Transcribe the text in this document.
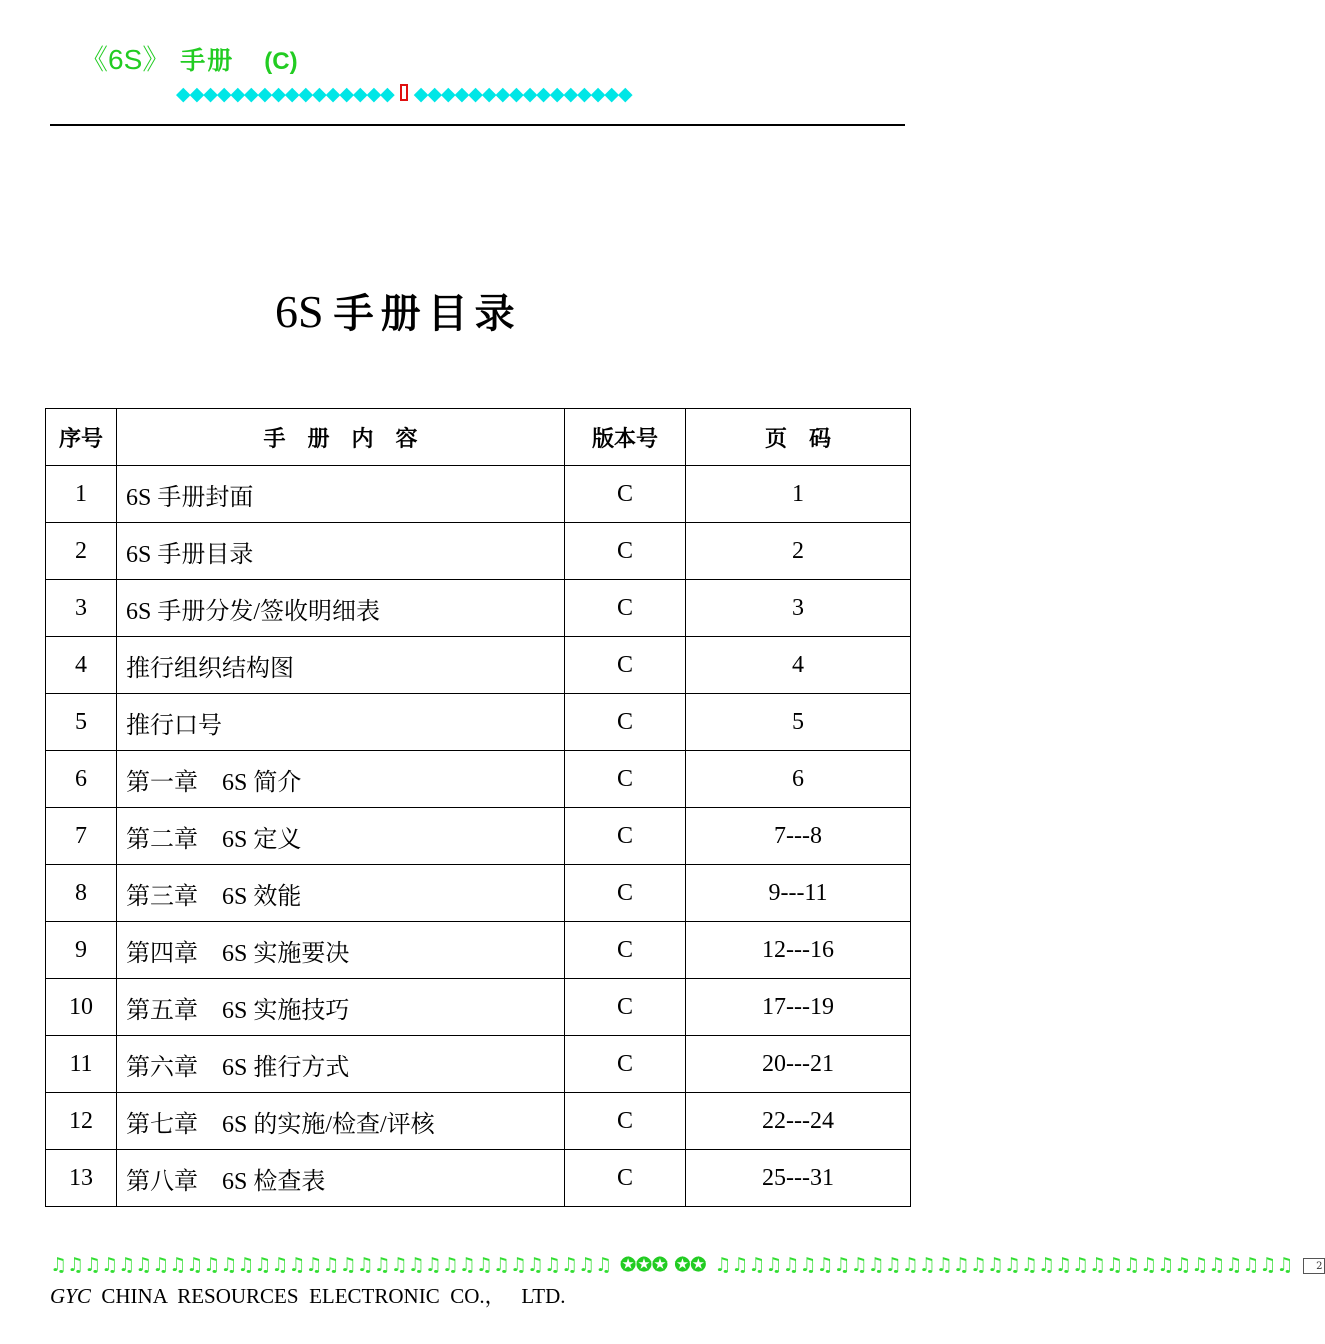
《6S》 手册 (C)
◆◆◆◆◆◆◆◆◆◆◆◆◆◆◆◆ ◆◆◆◆◆◆◆◆◆◆◆◆◆◆◆◆
6S 手册目录
序号	手　册　内　容	版本号	页　码
1	6S 手册封面	C	1
2	6S 手册目录	C	2
3	6S 手册分发/签收明细表	C	3
4	推行组织结构图	C	4
5	推行口号	C	5
6	第一章　6S 简介	C	6
7	第二章　6S 定义	C	7---8
8	第三章　6S 效能	C	9---11
9	第四章　6S 实施要决	C	12---16
10	第五章　6S 实施技巧	C	17---19
11	第六章　6S 推行方式	C	20---21
12	第七章　6S 的实施/检查/评核	C	22---24
13	第八章　6S 检查表	C	25---31
♫♫♫♫♫♫♫♫♫♫♫♫♫♫♫♫♫♫♫♫♫♫♫♫♫♫♫♫♫♫♫♫♫ ✪✪✪ ✪✪ ♫♫♫♫♫♫♫♫♫♫♫♫♫♫♫♫♫♫♫♫♫♫♫♫♫♫♫♫♫♫♫♫♫♫ 2
GYC  CHINA  RESOURCES  ELECTRONIC  CO.，   LTD.
